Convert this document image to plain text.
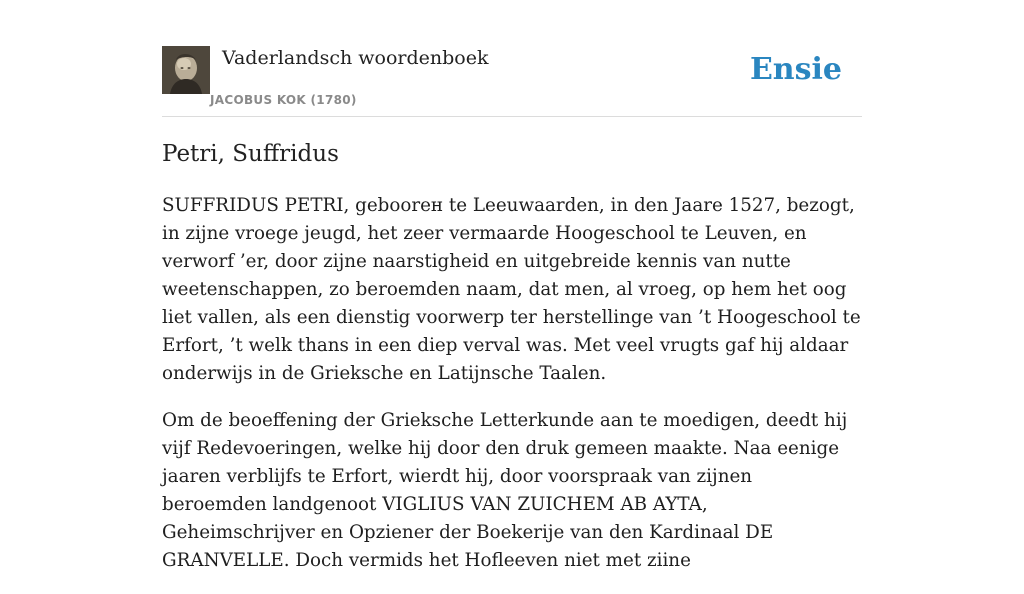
Vaderlandsch woordenboek
JACOBUS KOK (1780)
Ensie
Petri, Suffridus

SUFFRIDUS PETRI, geboorен te Leeuwaarden, in den Jaare 1527, bezogt, in zijne vroege jeugd, het zeer vermaarde Hoogeschool te Leuven, en verworf ’er, door zijne naarstigheid en uitgebreide kennis van nutte weetenschappen, zo beroemden naam, dat men, al vroeg, op hem het oog liet vallen, als een dienstig voorwerp ter herstellinge van ’t Hoogeschool te Erfort, ’t welk thans in een diep verval was. Met veel vrugts gaf hij aldaar onderwijs in de Grieksche en Latijnsche Taalen.

Om de beoeffening der Grieksche Letterkunde aan te moedigen, deedt hij vijf Redevoeringen, welke hij door den druk gemeen maakte. Naa eenige jaaren verblijfs te Erfort, wierdt hij, door voorspraak van zijnen beroemden landgenoot VIGLIUS VAN ZUICHEM AB AYTA, Geheimschrijver en Opziener der Boekerije van den Kardinaal DE GRANVELLE. Doch vermids het Hofleeven niet met ziine
